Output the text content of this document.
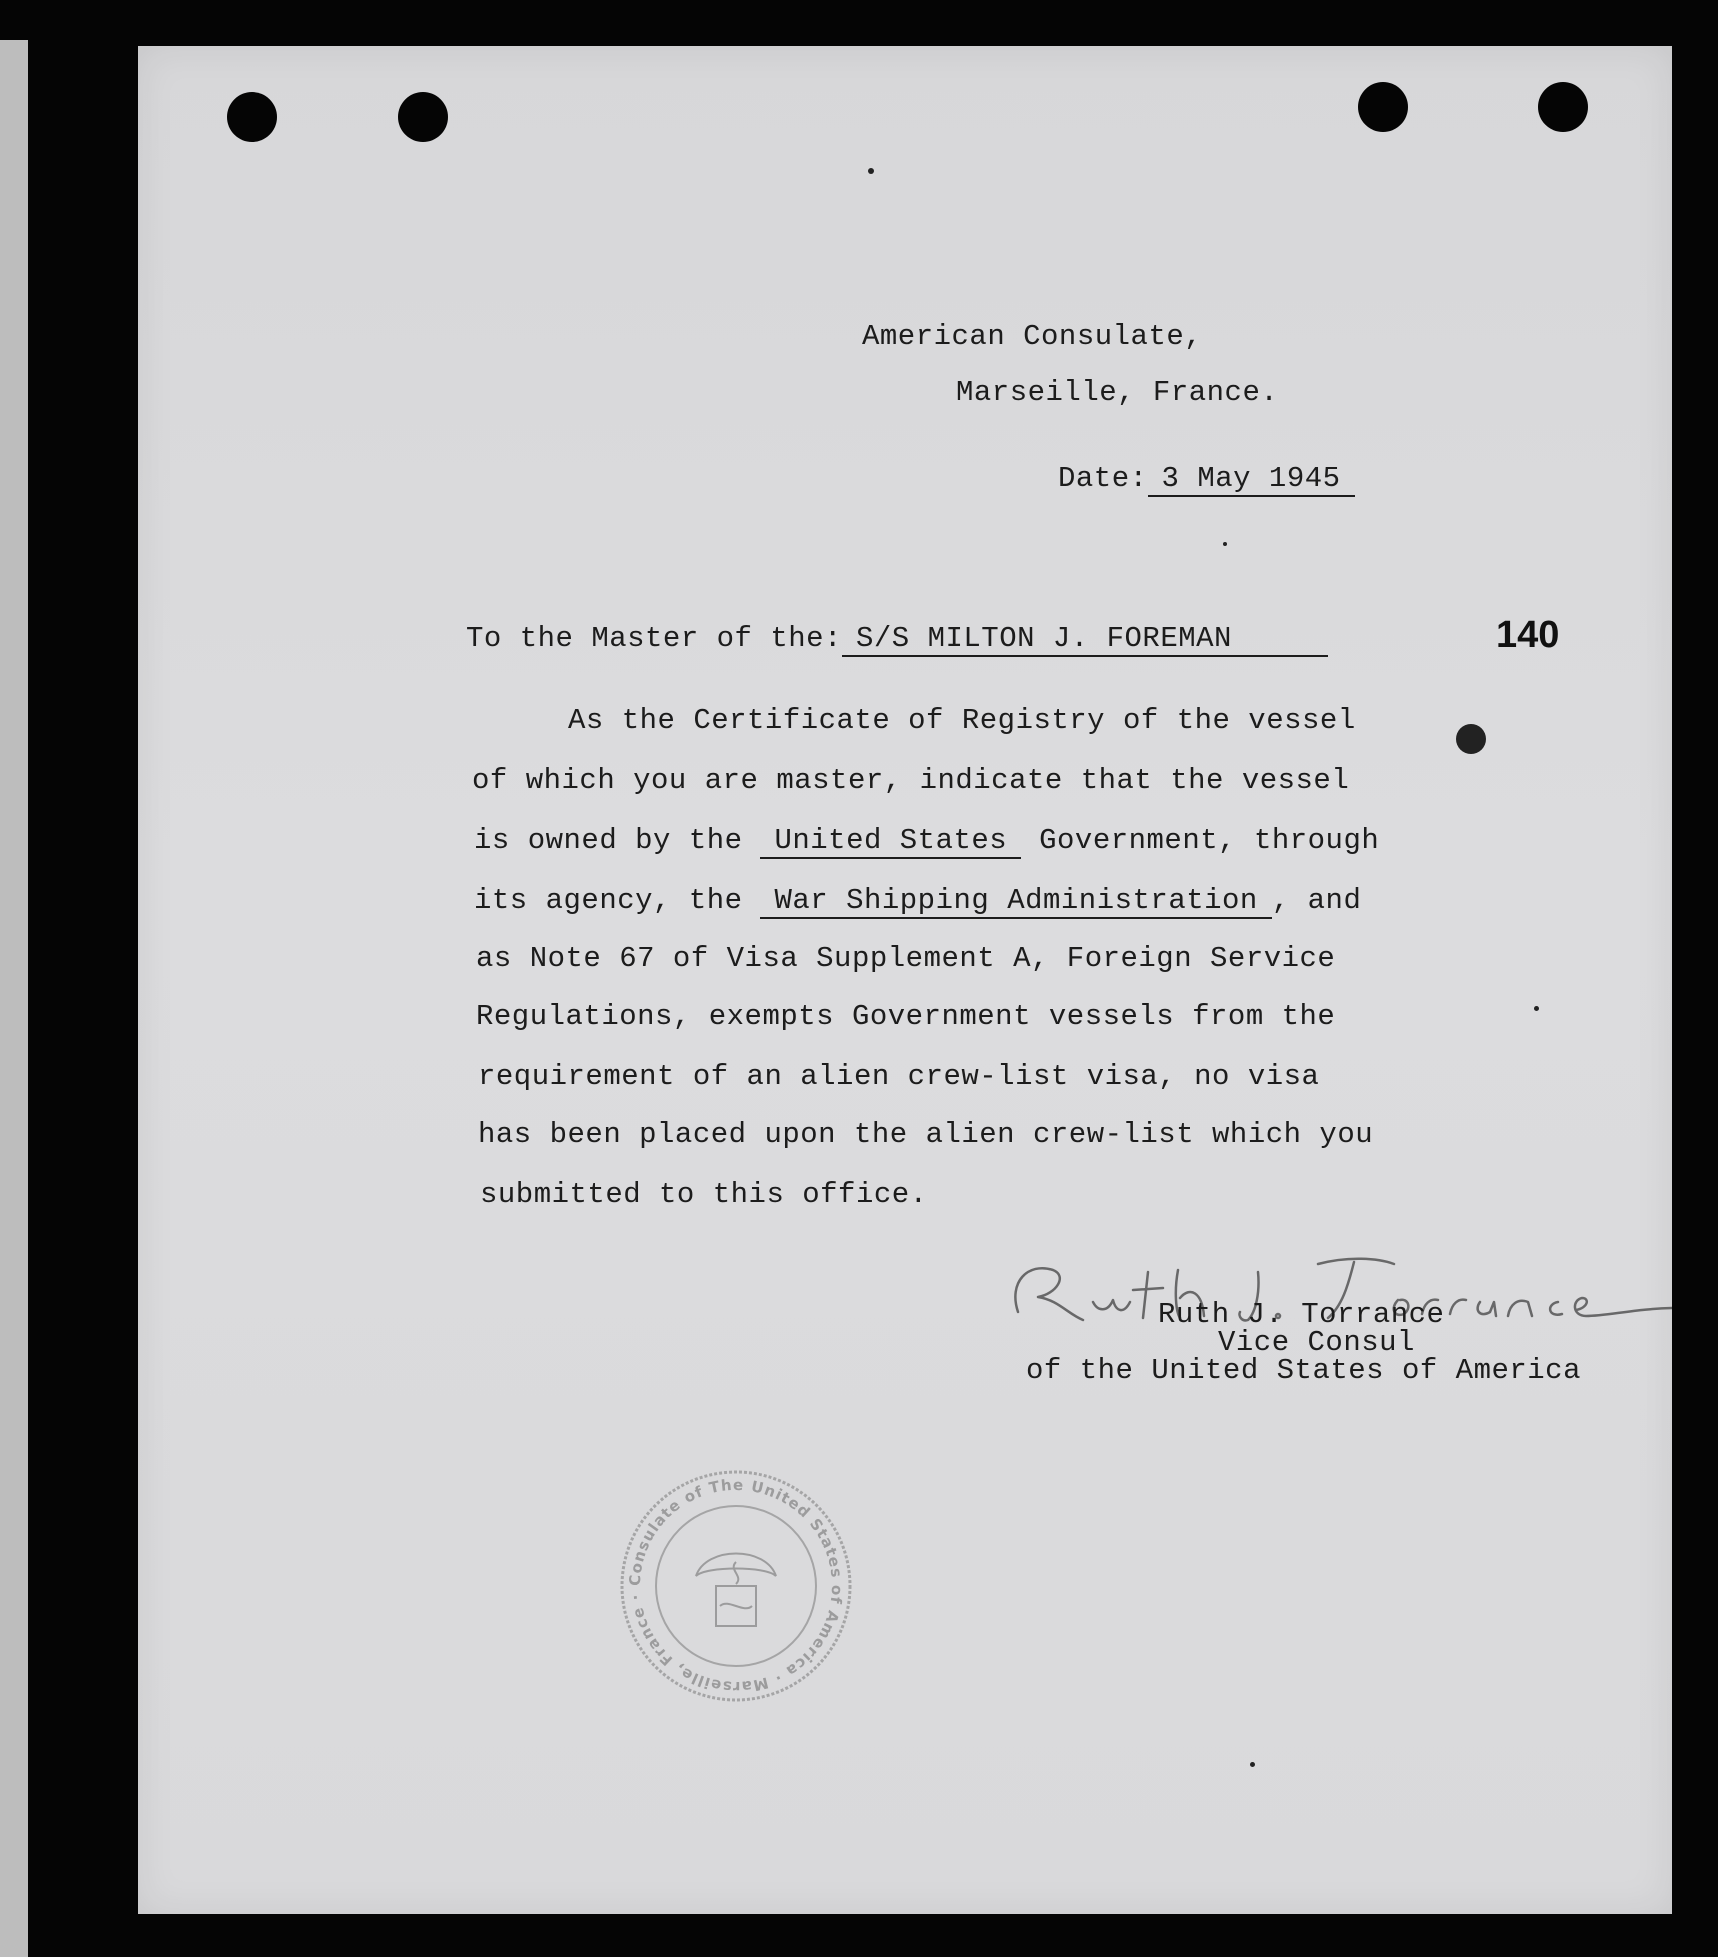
American Consulate,
Marseille, France.
Date: 3 May 1945
To the Master of the: S/S MILTON J. FOREMAN	140
As the Certificate of Registry of the vessel
of which you are master, indicate that the vessel
is owned by the United States Government, through
its agency, the War Shipping Administration , and
as Note 67 of Visa Supplement A, Foreign Service
Regulations, exempts Government vessels from the
requirement of an alien crew-list visa, no visa
has been placed upon the alien crew-list which you
submitted to this office.
Ruth J. Torrance
Vice Consul
of the United States of America
Consulate of The United States of America · Marseille, France ·
